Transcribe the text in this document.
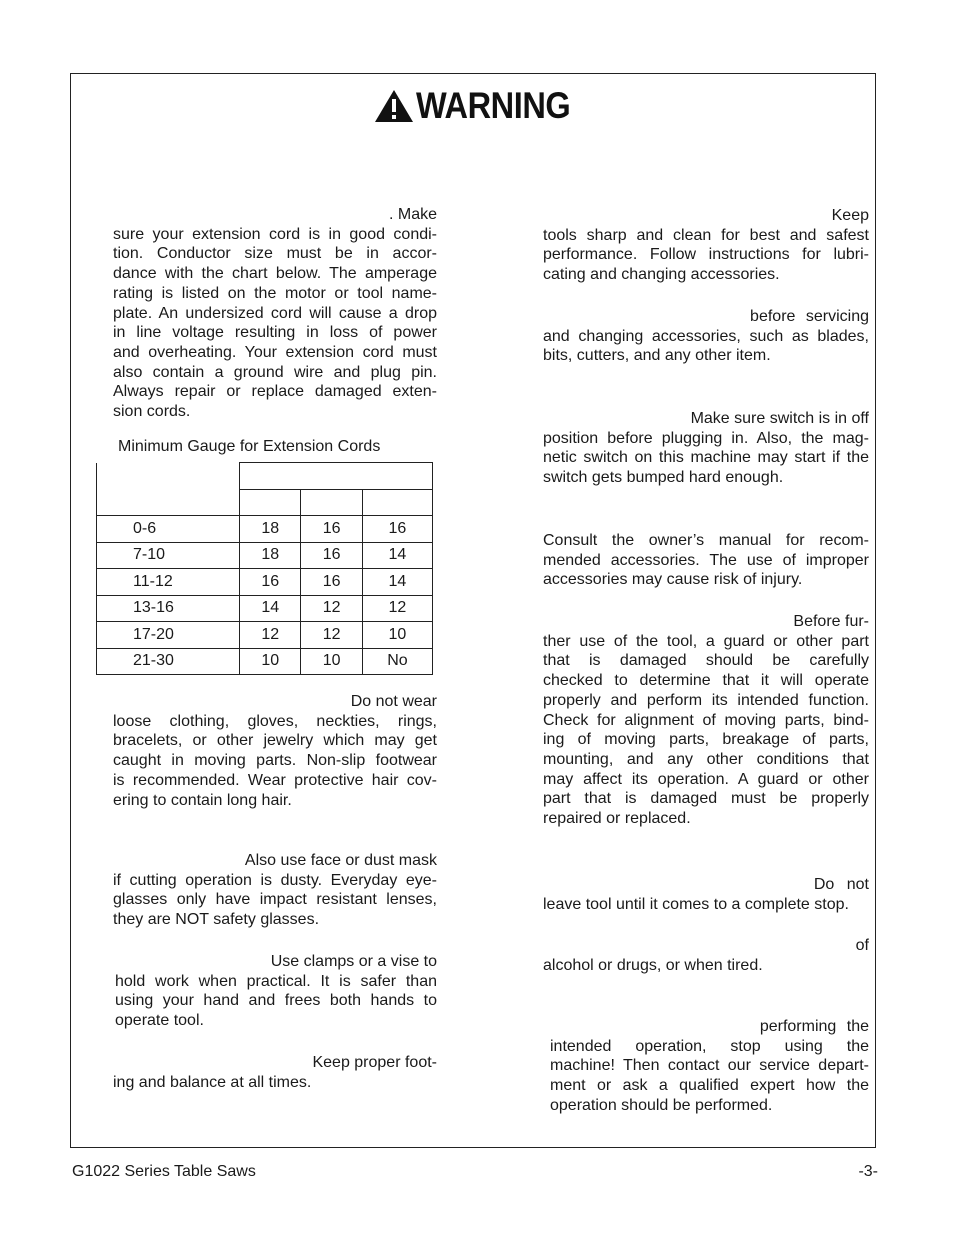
WARNING
. Make
sure your extension cord is in good condi-
tion. Conductor size must be in accor-
dance with the chart below. The amperage
rating is listed on the motor or tool name-
plate. An undersized cord will cause a drop
in line voltage resulting in loss of power
and overheating. Your extension cord must
also contain a ground wire and plug pin.
Always repair or replace damaged exten-
sion cords.
Minimum Gauge for Extension Cords

0-6	18	16	16
7-10	18	16	14
11-12	16	16	14
13-16	14	12	12
17-20	12	12	10
21-30	10	10	No
Do not wear
loose clothing, gloves, neckties, rings,
bracelets, or other jewelry which may get
caught in moving parts. Non-slip footwear
is recommended. Wear protective hair cov-
ering to contain long hair.
Also use face or dust mask
if cutting operation is dusty. Everyday eye-
glasses only have impact resistant lenses,
they are NOT safety glasses.
Use clamps or a vise to
hold work when practical. It is safer than
using your hand and frees both hands to
operate tool.
Keep proper foot-
ing and balance at all times.
Keep
tools sharp and clean for best and safest
performance. Follow instructions for lubri-
cating and changing accessories.
before servicing
and changing accessories, such as blades,
bits, cutters, and any other item.
Make sure switch is in off
position before plugging in. Also, the mag-
netic switch on this machine may start if the
switch gets bumped hard enough.
Consult the owner’s manual for recom-
mended accessories. The use of improper
accessories may cause risk of injury.
Before fur-
ther use of the tool, a guard or other part
that is damaged should be carefully
checked to determine that it will operate
properly and perform its intended function.
Check for alignment of moving parts, bind-
ing of moving parts, breakage of parts,
mounting, and any other conditions that
may affect its operation. A guard or other
part that is damaged must be properly
repaired or replaced.
Do not
leave tool until it comes to a complete stop.
of
alcohol or drugs, or when tired.
performing the
intended operation, stop using the
machine! Then contact our service depart-
ment or ask a qualified expert how the
operation should be performed.
G1022 Series Table Saws	-3-
